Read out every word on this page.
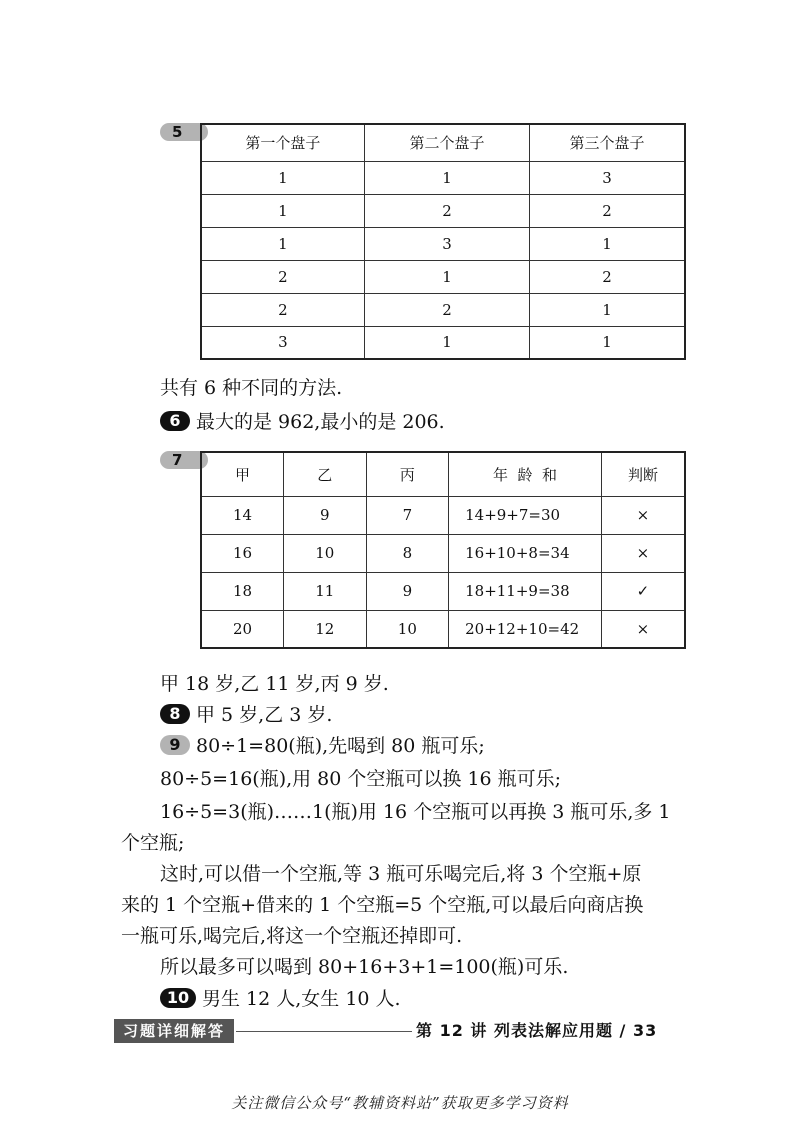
5
第一个盘子	第二个盘子	第三个盘子
1	1	3
1	2	2
1	3	1
2	1	2
2	2	1
3	1	1
共有 6 种不同的方法.
6 最大的是 962,最小的是 206.
7
甲	乙	丙	年  龄  和	判断
14	9	7	14+9+7=30	×
16	10	8	16+10+8=34	×
18	11	9	18+11+9=38	✓
20	12	10	20+12+10=42	×
甲 18 岁,乙 11 岁,丙 9 岁.
8 甲 5 岁,乙 3 岁.
9 80÷1=80(瓶),先喝到 80 瓶可乐;
80÷5=16(瓶),用 80 个空瓶可以换 16 瓶可乐;
16÷5=3(瓶)……1(瓶)用 16 个空瓶可以再换 3 瓶可乐,多 1
个空瓶;
这时,可以借一个空瓶,等 3 瓶可乐喝完后,将 3 个空瓶+原
来的 1 个空瓶+借来的 1 个空瓶=5 个空瓶,可以最后向商店换
一瓶可乐,喝完后,将这一个空瓶还掉即可.
所以最多可以喝到 80+16+3+1=100(瓶)可乐.
10 男生 12 人,女生 10 人.
习题详细解答	第 12 讲 列表法解应用题 / 33
关注微信公众号“教辅资料站”获取更多学习资料
